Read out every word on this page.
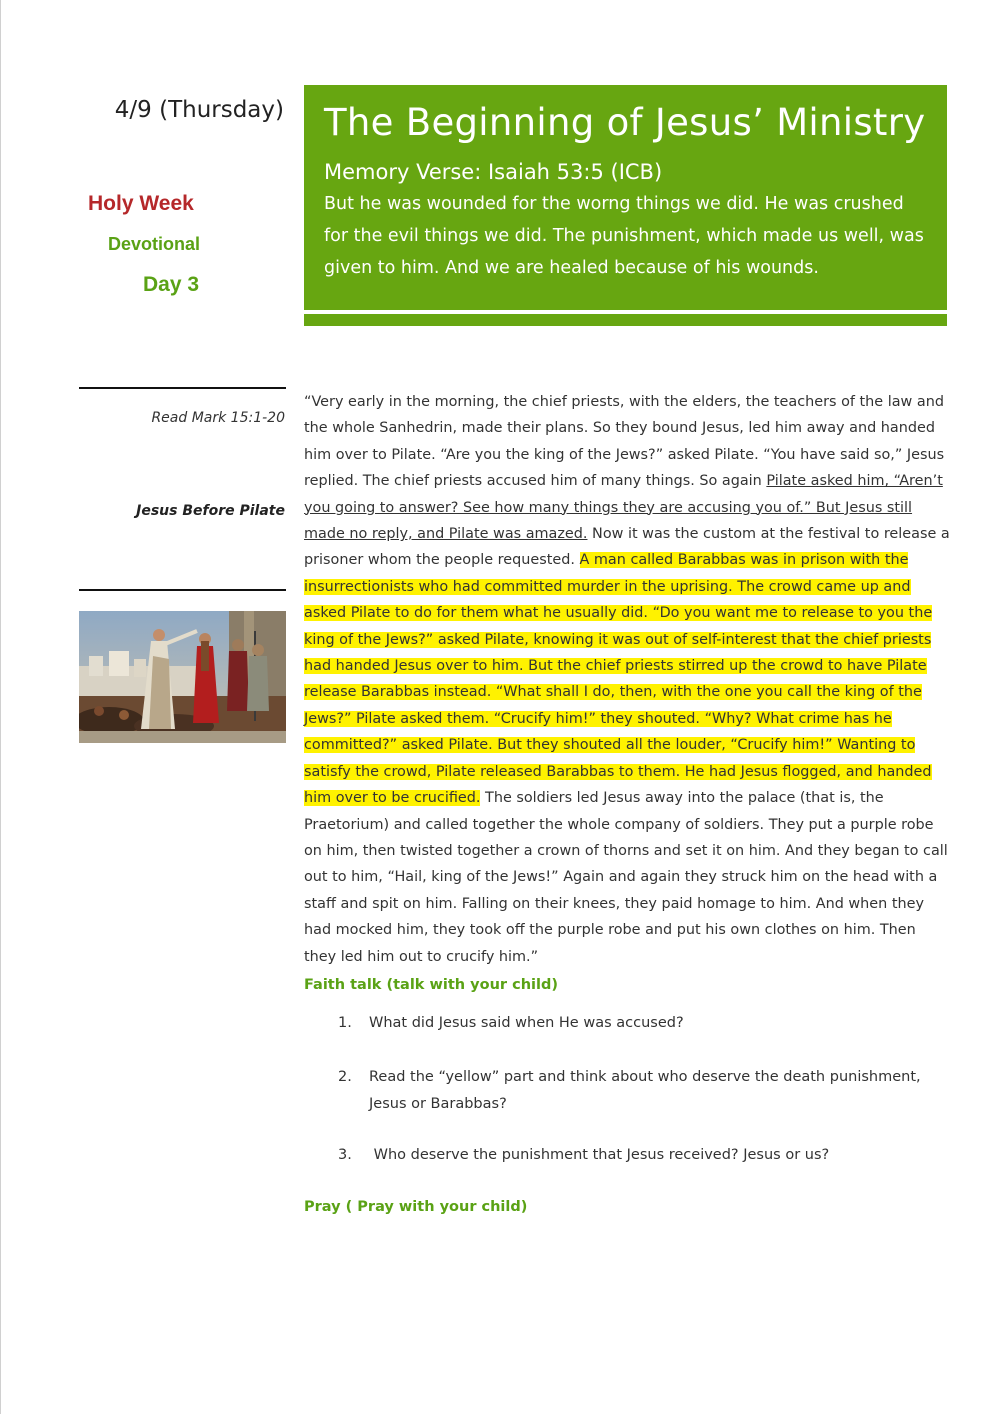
4/9 (Thursday)
Holy Week
Devotional
Day 3
The Beginning of Jesus’ Ministry
Memory Verse: Isaiah 53:5 (ICB)
But he was wounded for the worng things we did. He was crushed for the evil things we did. The punishment, which made us well, was given to him. And we are healed because of his wounds.
Read Mark 15:1-20
Jesus Before Pilate
“Very early in the morning, the chief priests, with the elders, the teachers of the law and the whole Sanhedrin, made their plans. So they bound Jesus, led him away and handed him over to Pilate. “Are you the king of the Jews?” asked Pilate. “You have said so,” Jesus replied. The chief priests accused him of many things. So again Pilate asked him, “Aren’t you going to answer? See how many things they are accusing you of.” But Jesus still made no reply, and Pilate was amazed. Now it was the custom at the festival to release a prisoner whom the people requested. A man called Barabbas was in prison with the insurrectionists who had committed murder in the uprising. The crowd came up and asked Pilate to do for them what he usually did. “Do you want me to release to you the king of the Jews?” asked Pilate, knowing it was out of self-interest that the chief priests had handed Jesus over to him. But the chief priests stirred up the crowd to have Pilate release Barabbas instead. “What shall I do, then, with the one you call the king of the Jews?” Pilate asked them. “Crucify him!” they shouted. “Why? What crime has he committed?” asked Pilate. But they shouted all the louder, “Crucify him!” Wanting to satisfy the crowd, Pilate released Barabbas to them. He had Jesus flogged, and handed him over to be crucified. The soldiers led Jesus away into the palace (that is, the Praetorium) and called together the whole company of soldiers. They put a purple robe on him, then twisted together a crown of thorns and set it on him. And they began to call out to him, “Hail, king of the Jews!” Again and again they struck him on the head with a staff and spit on him. Falling on their knees, they paid homage to him. And when they had mocked him, they took off the purple robe and put his own clothes on him. Then they led him out to crucify him.”
Faith talk (talk with your child)
1. What did Jesus said when He was accused?
2. Read the “yellow” part and think about who deserve the death punishment, Jesus or Barabbas?
3. Who deserve the punishment that Jesus received? Jesus or us?
Pray ( Pray with your child)
